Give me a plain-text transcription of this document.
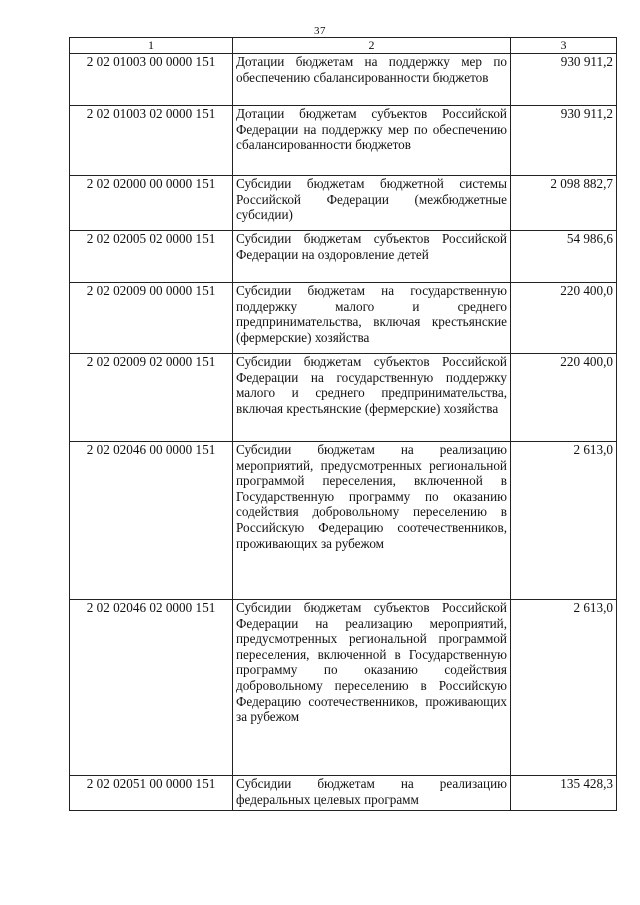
37
1	2	3
2 02 01003 00 0000 151	Дотации бюджетам на поддержку мер по обеспечению сбалансированности бюджетов	930 911,2
2 02 01003 02 0000 151	Дотации бюджетам субъектов Российской Федерации на поддержку мер по обеспечению сбалансированности бюджетов	930 911,2
2 02 02000 00 0000 151	Субсидии бюджетам бюджетной системы Российской Федерации (межбюджетные субсидии)	2 098 882,7
2 02 02005 02 0000 151	Субсидии бюджетам субъектов Российской Федерации на оздоровление детей	54 986,6
2 02 02009 00 0000 151	Субсидии бюджетам на государственную поддержку малого и среднего предпринимательства, включая крестьянские (фермерские) хозяйства	220 400,0
2 02 02009 02 0000 151	Субсидии бюджетам субъектов Российской Федерации на государственную поддержку малого и среднего предпринимательства, включая крестьянские (фермерские) хозяйства	220 400,0
2 02 02046 00 0000 151	Субсидии бюджетам на реализацию мероприятий, предусмотренных региональной программой переселения, включенной в Государственную программу по оказанию содействия добровольному переселению в Российскую Федерацию соотечественников, проживающих за рубежом	2 613,0
2 02 02046 02 0000 151	Субсидии бюджетам субъектов Российской Федерации на реализацию мероприятий, предусмотренных региональной программой переселения, включенной в Государственную программу по оказанию содействия добровольному переселению в Российскую Федерацию соотечественников, проживающих за рубежом	2 613,0
2 02 02051 00 0000 151	Субсидии бюджетам на реализацию федеральных целевых программ	135 428,3
